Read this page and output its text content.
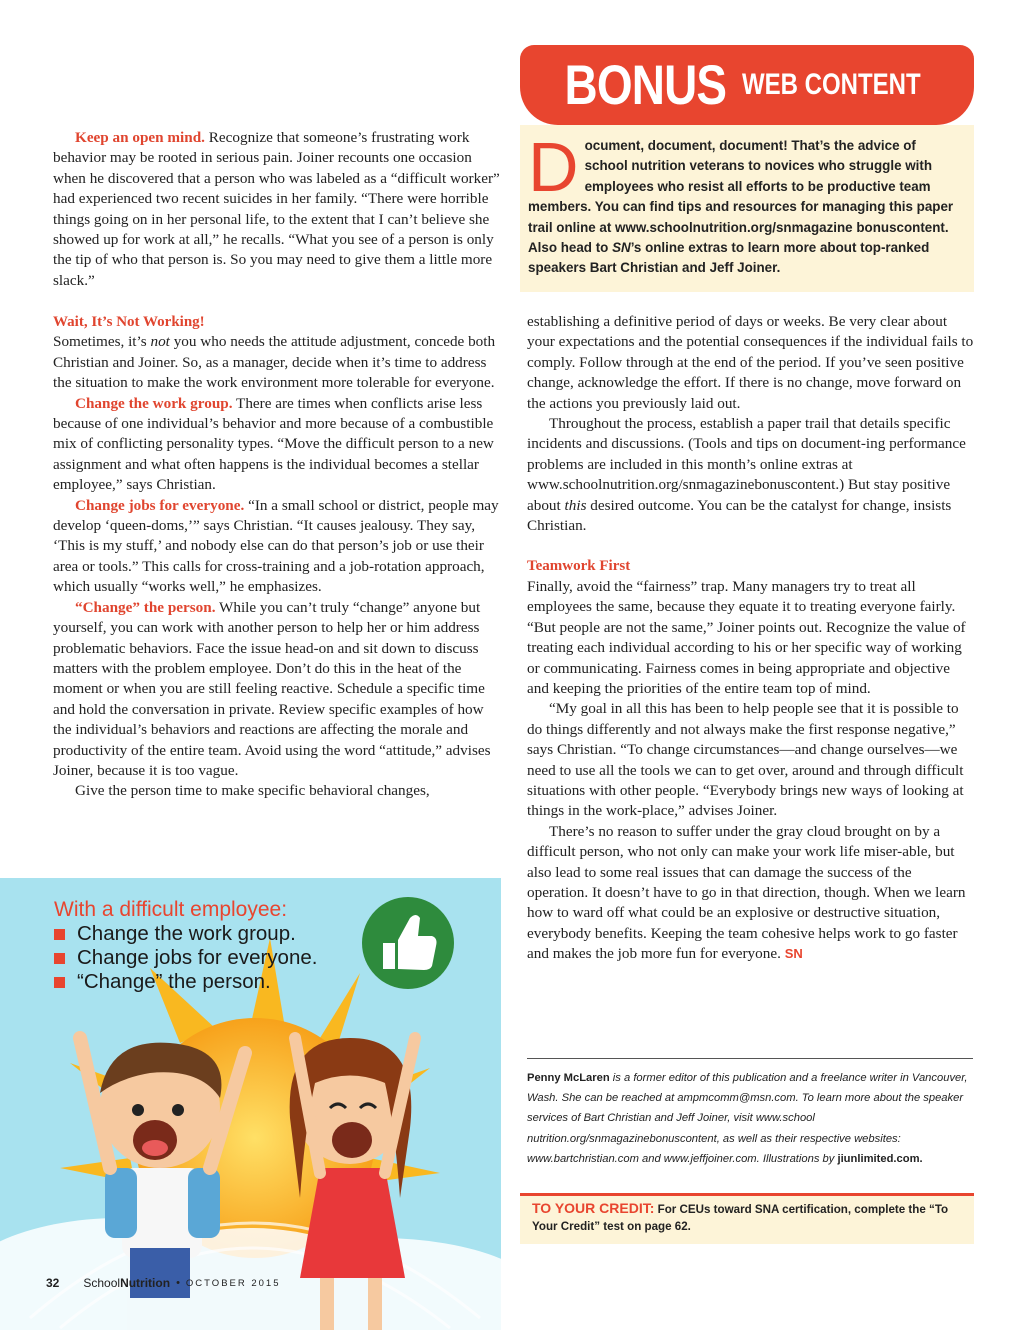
Keep an open mind. Recognize that someone’s frustrating work behavior may be rooted in serious pain. Joiner recounts one occasion when he discovered that a person who was labeled as a “difficult worker” had experienced two recent suicides in her family. “There were horrible things going on in her personal life, to the extent that I can’t believe she showed up for work at all,” he recalls. “What you see of a person is only the tip of who that person is. So you may need to give them a little more slack.”

Wait, It’s Not Working!

Sometimes, it’s not you who needs the attitude adjustment, concede both Christian and Joiner. So, as a manager, decide when it’s time to address the situation to make the work environment more tolerable for everyone.

Change the work group. There are times when conflicts arise less because of one individual’s behavior and more because of a combustible mix of conflicting personality types. “Move the difficult person to a new assignment and what often happens is the individual becomes a stellar employee,” says Christian.

Change jobs for everyone. “In a small school or district, people may develop ‘queen-doms,’” says Christian. “It causes jealousy. They say, ‘This is my stuff,’ and nobody else can do that person’s job or use their area or tools.” This calls for cross-training and a job-rotation approach, which usually “works well,” he emphasizes.

“Change” the person. While you can’t truly “change” anyone but yourself, you can work with another person to help her or him address problematic behaviors. Face the issue head-on and sit down to discuss matters with the problem employee. Don’t do this in the heat of the moment or when you are still feeling reactive. Schedule a specific time and hold the conversation in private. Review specific examples of how the individual’s behaviors and reactions are affecting the morale and productivity of the entire team. Avoid using the word “attitude,” advises Joiner, because it is too vague.

Give the person time to make specific behavioral changes,

BONUS WEB CONTENT
D ocument, document, document! That’s the advice of school nutrition veterans to novices who struggle with employees who resist all efforts to be productive team members. You can find tips and resources for managing this paper trail online at www.schoolnutrition.org/snmagazine bonuscontent. Also head to SN’s online extras to learn more about top-ranked speakers Bart Christian and Jeff Joiner.

establishing a definitive period of days or weeks. Be very clear about your expectations and the potential consequences if the individual fails to comply. Follow through at the end of the period. If you’ve seen positive change, acknowledge the effort. If there is no change, move forward on the actions you previously laid out.

Throughout the process, establish a paper trail that details specific incidents and discussions. (Tools and tips on document-ing performance problems are included in this month’s online extras at www.schoolnutrition.org/snmagazinebonuscontent.) But stay positive about this desired outcome. You can be the catalyst for change, insists Christian.

Teamwork First

Finally, avoid the “fairness” trap. Many managers try to treat all employees the same, because they equate it to treating everyone fairly. “But people are not the same,” Joiner points out. Recognize the value of treating each individual according to his or her specific way of working or communicating. Fairness comes in being appropriate and objective and keeping the priorities of the entire team top of mind.

“My goal in all this has been to help people see that it is possible to do things differently and not always make the first response negative,” says Christian. “To change circumstances—and change ourselves—we need to use all the tools we can to get over, around and through difficult situations with other people. “Everybody brings new ways of looking at things in the work-place,” advises Joiner.

There’s no reason to suffer under the gray cloud brought on by a difficult person, who not only can make your work life miser-able, but also lead to some real issues that can damage the success of the operation. It doesn’t have to go in that direction, though. When we learn how to ward off what could be an explosive or destructive situation, everybody benefits. Keeping the team cohesive helps work to go faster and makes the job more fun for everyone. SN

With a difficult employee:
Change the work group.
Change jobs for everyone.
“Change” the person.
Penny McLaren is a former editor of this publication and a freelance writer in Vancouver, Wash. She can be reached at ampmcomm@msn.com. To learn more about the speaker services of Bart Christian and Jeff Joiner, visit www.school nutrition.org/snmagazinebonuscontent, as well as their respective websites: www.bartchristian.com and www.jeffjoiner.com. Illustrations by jiunlimited.com.
TO YOUR CREDIT: For CEUs toward SNA certification, complete the “To Your Credit” test on page 62.
32 SchoolNutrition • OCTOBER 2015
